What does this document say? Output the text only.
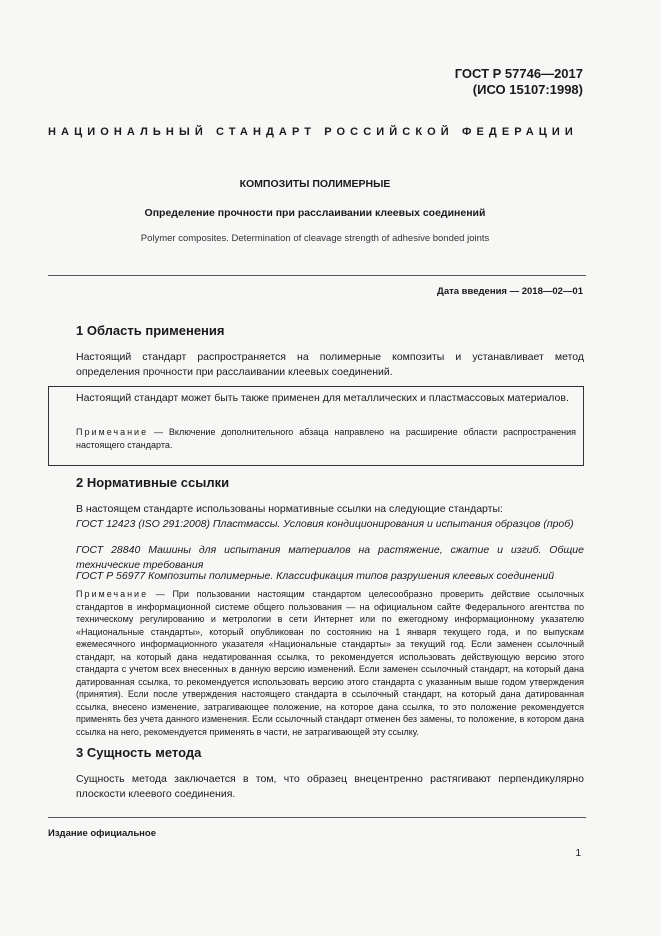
ГОСТ Р 57746—2017
(ИСО 15107:1998)
НАЦИОНАЛЬНЫЙ СТАНДАРТ РОССИЙСКОЙ ФЕДЕРАЦИИ
КОМПОЗИТЫ ПОЛИМЕРНЫЕ
Определение прочности при расслаивании клеевых соединений
Polymer composites. Determination of cleavage strength of adhesive bonded joints
Дата введения — 2018—02—01
1 Область применения
Настоящий стандарт распространяется на полимерные композиты и устанавливает метод определения прочности при расслаивании клеевых соединений.
Настоящий стандарт может быть также применен для металлических и пластмассовых материалов.
Примечание — Включение дополнительного абзаца направлено на расширение области распространения настоящего стандарта.
2 Нормативные ссылки
В настоящем стандарте использованы нормативные ссылки на следующие стандарты:
ГОСТ 12423 (ISO 291:2008) Пластмассы. Условия кондиционирования и испытания образцов (проб)
ГОСТ 28840 Машины для испытания материалов на растяжение, сжатие и изгиб. Общие технические требования
ГОСТ Р 56977 Композиты полимерные. Классификация типов разрушения клеевых соединений
Примечание — При пользовании настоящим стандартом целесообразно проверить действие ссылочных стандартов в информационной системе общего пользования — на официальном сайте Федерального агентства по техническому регулированию и метрологии в сети Интернет или по ежегодному информационному указателю «Национальные стандарты», который опубликован по состоянию на 1 января текущего года, и по выпускам ежемесячного информационного указателя «Национальные стандарты» за текущий год. Если заменен ссылочный стандарт, на который дана недатированная ссылка, то рекомендуется использовать действующую версию этого стандарта с учетом всех внесенных в данную версию изменений. Если заменен ссылочный стандарт, на который дана датированная ссылка, то рекомендуется использовать версию этого стандарта с указанным выше годом утверждения (принятия). Если после утверждения настоящего стандарта в ссылочный стандарт, на который дана датированная ссылка, внесено изменение, затрагивающее положение, на которое дана ссылка, то это положение рекомендуется применять без учета данного изменения. Если ссылочный стандарт отменен без замены, то положение, в котором дана ссылка на него, рекомендуется применять в части, не затрагивающей эту ссылку.
3 Сущность метода
Сущность метода заключается в том, что образец внецентренно растягивают перпендикулярно плоскости клеевого соединения.
Издание официальное
1
